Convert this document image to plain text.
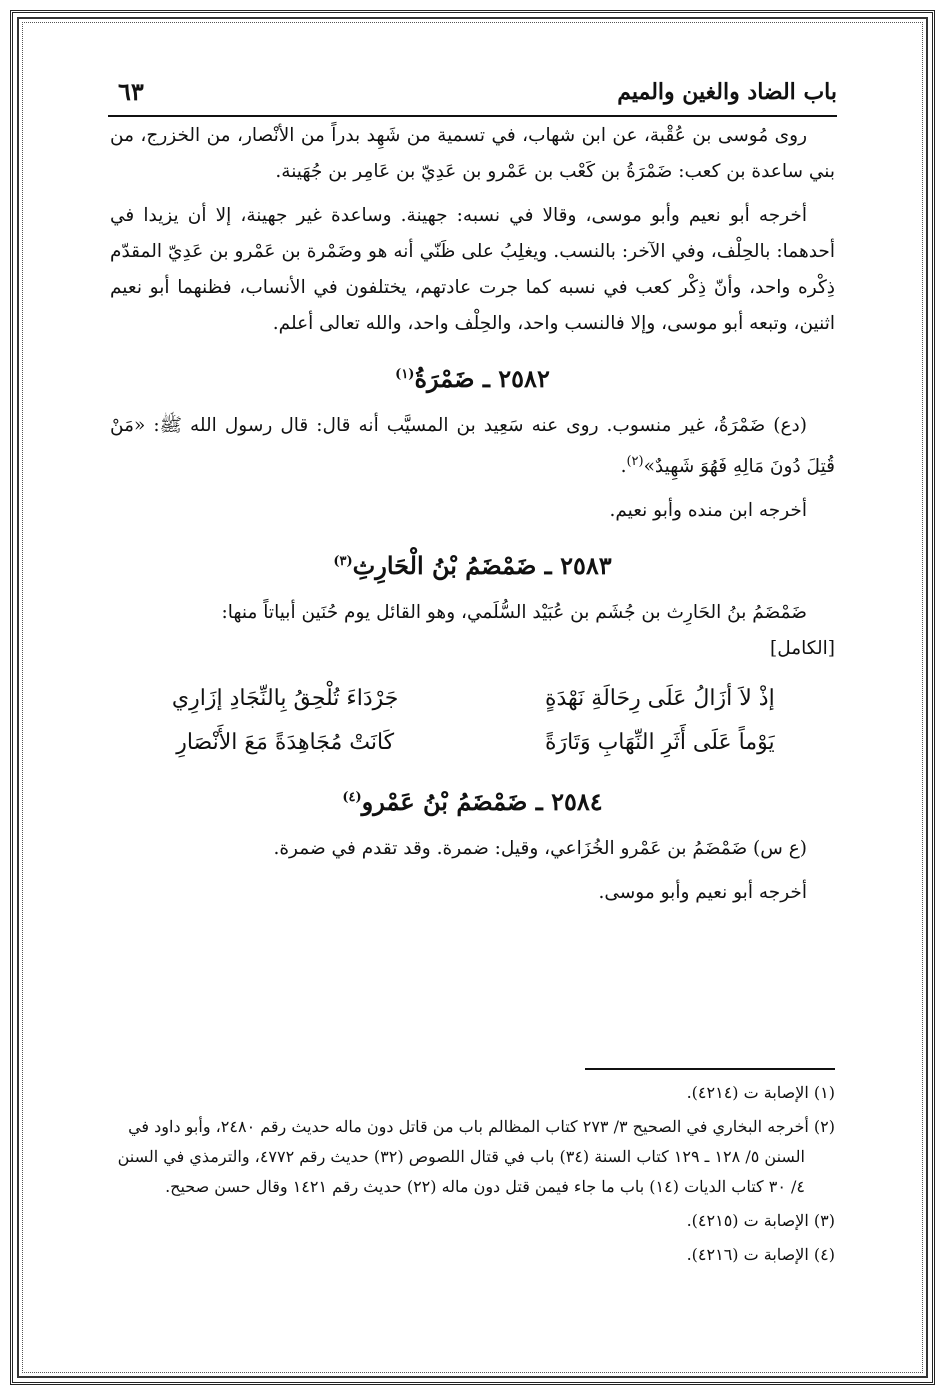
باب الضاد والغين والميم
٦٣

روى مُوسى بن عُقْبة، عن ابن شهاب، في تسمية من شَهِد بدراً من الأنْصار، من الخزرج، من بني ساعدة بن كعب: ضَمْرَةُ بن كَعْب بن عَمْرو بن عَدِيّ بن عَامِر بن جُهَينة.

أخرجه أبو نعيم وأبو موسى، وقالا في نسبه: جهينة. وساعدة غير جهينة، إلا أن يزيدا في أحدهما: بالحِلْف، وفي الآخر: بالنسب. ويغلِبُ على ظَنّي أنه هو وضَمْرة بن عَمْرو بن عَدِيّ المقدّم ذِكْره واحد، وأنّ ذِكْر كعب في نسبه كما جرت عادتهم، يختلفون في الأنساب، فظنهما أبو نعيم اثنين، وتبعه أبو موسى، وإلا فالنسب واحد، والحِلْف واحد، والله تعالى أعلم.

٢٥٨٢ ـ ضَمْرَةُ$^{(١)}$

(دع) ضَمْرَةُ، غير منسوب. روى عنه سَعِيد بن المسيَّب أنه قال: قال رسول الله ﷺ: «مَنْ قُتِلَ دُونَ مَالِهِ فَهُوَ شَهِيدٌ»$^{(٢)}$.

أخرجه ابن منده وأبو نعيم.

٢٥٨٣ ـ ضَمْضَمُ بْنُ الْحَارِثِ$^{(٣)}$

ضَمْضَمُ بنُ الحَارِث بن جُشَم بن عُبَيْد السُّلَمي، وهو القائل يوم حُنَين أبياتاً منها:

[الكامل]
إذْ لاَ أزَالُ عَلَى رِحَالَةِ نَهْدَةٍ
جَرْدَاءَ تُلْحِقُ بِالنِّجَادِ إزَارِي
يَوْماً عَلَى أَثَرِ النِّهَابِ وَتَارَةً
كَانَتْ مُجَاهِدَةً مَعَ الأَنْصَارِ
٢٥٨٤ ـ ضَمْضَمُ بْنُ عَمْرو$^{(٤)}$

(ع س) ضَمْضَمُ بن عَمْرو الخُزَاعي، وقيل: ضمرة. وقد تقدم في ضمرة.

أخرجه أبو نعيم وأبو موسى.

(١) الإصابة ت (٤٢١٤).

(٢) أخرجه البخاري في الصحيح ٣/ ٢٧٣ كتاب المظالم باب من قاتل دون ماله حديث رقم ٢٤٨٠، وأبو داود في السنن ٥/ ١٢٨ ـ ١٢٩ كتاب السنة (٣٤) باب في قتال اللصوص (٣٢) حديث رقم ٤٧٧٢، والترمذي في السنن ٤/ ٣٠ كتاب الديات (١٤) باب ما جاء فيمن قتل دون ماله (٢٢) حديث رقم ١٤٢١ وقال حسن صحيح.

(٣) الإصابة ت (٤٢١٥).

(٤) الإصابة ت (٤٢١٦).
